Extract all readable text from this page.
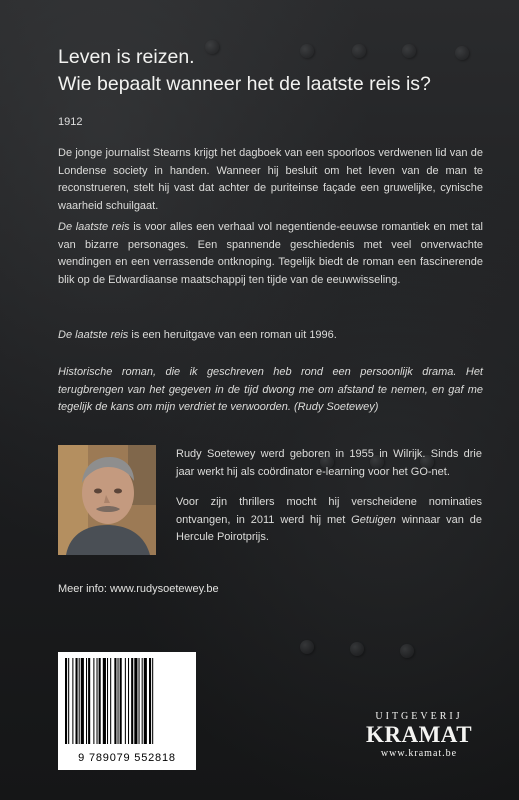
Leven is reizen.
Wie bepaalt wanneer het de laatste reis is?
1912

De jonge journalist Stearns krijgt het dagboek van een spoorloos verdwenen lid van de Londense society in handen. Wanneer hij besluit om het leven van de man te reconstrueren, stelt hij vast dat achter de puriteinse façade een gruwelijke, cynische waarheid schuilgaat.

De laatste reis is voor alles een verhaal vol negentiende-eeuwse romantiek en met tal van bizarre personages. Een spannende geschiedenis met veel onverwachte wendingen en een verrassende ontknoping. Tegelijk biedt de roman een fascinerende blik op de Edwardiaanse maatschappij ten tijde van de eeuwwisseling.

De laatste reis is een heruitgave van een roman uit 1996.

Historische roman, die ik geschreven heb rond een persoonlijk drama. Het terugbrengen van het gegeven in de tijd dwong me om afstand te nemen, en gaf me tegelijk de kans om mijn verdriet te verwoorden. (Rudy Soetewey)

Rudy Soetewey werd geboren in 1955 in Wilrijk. Sinds drie jaar werkt hij als coördinator e-learning voor het GO-net.

Voor zijn thrillers mocht hij verscheidene nominaties ontvangen, in 2011 werd hij met Getuigen winnaar van de Hercule Poirotprijs.

Meer info: www.rudysoetewey.be
9 789079 552818
UITGEVERIJ
KRAMAT
www.kramat.be
